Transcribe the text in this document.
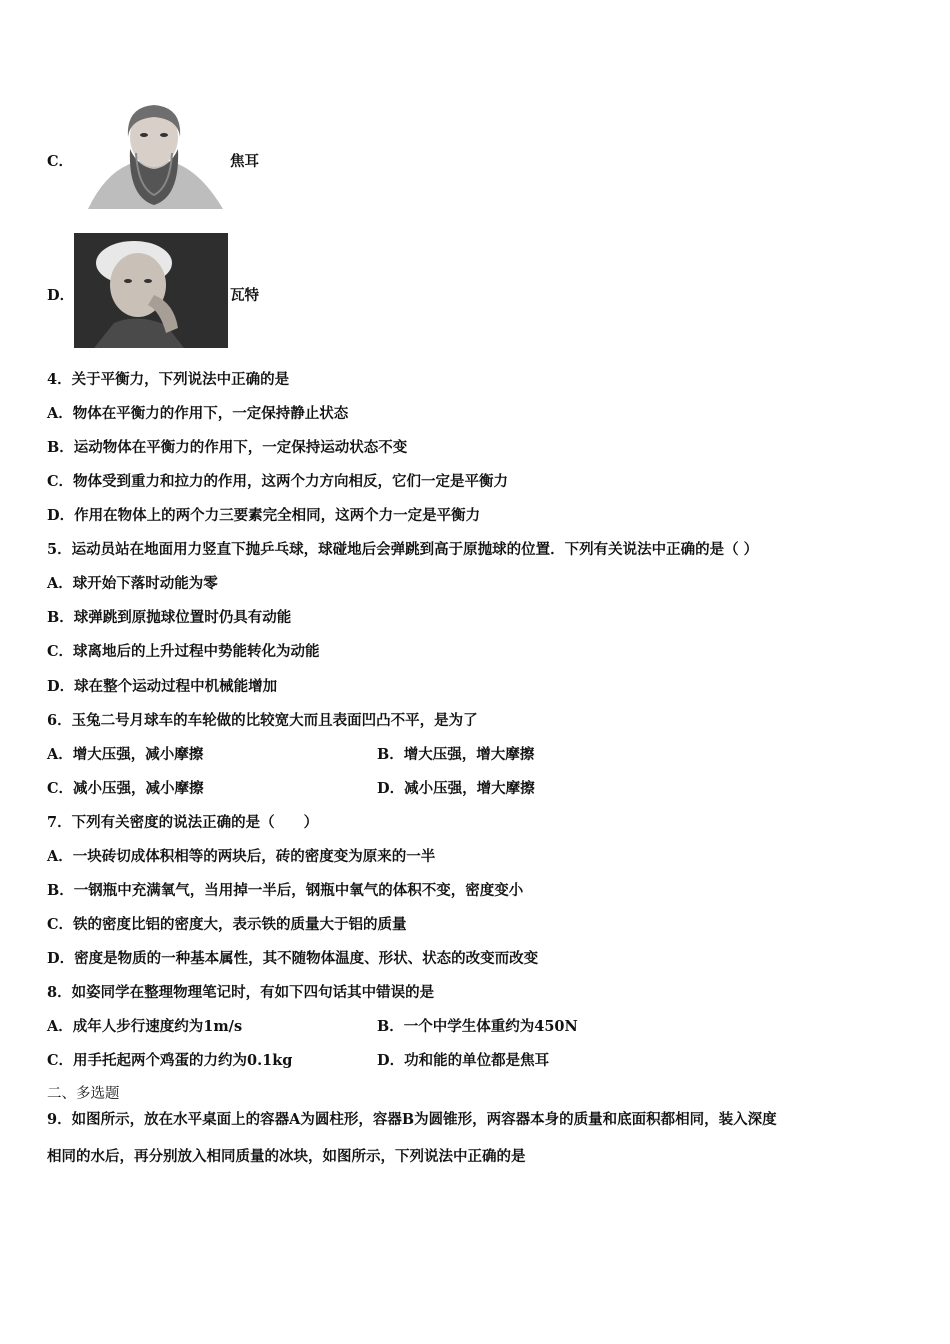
C．	焦耳
D．	瓦特
4．关于平衡力，下列说法中正确的是
A．物体在平衡力的作用下，一定保持静止状态
B．运动物体在平衡力的作用下，一定保持运动状态不变
C．物体受到重力和拉力的作用，这两个力方向相反，它们一定是平衡力
D．作用在物体上的两个力三要素完全相同，这两个力一定是平衡力
5．运动员站在地面用力竖直下抛乒乓球，球碰地后会弹跳到高于原抛球的位置．下列有关说法中正确的是（ ）
A．球开始下落时动能为零
B．球弹跳到原抛球位置时仍具有动能
C．球离地后的上升过程中势能转化为动能
D．球在整个运动过程中机械能增加
6．玉兔二号月球车的车轮做的比较宽大而且表面凹凸不平，是为了
A．增大压强，减小摩擦	B．增大压强，增大摩擦
C．减小压强，减小摩擦	D．减小压强，增大摩擦
7．下列有关密度的说法正确的是（　　）
A．一块砖切成体积相等的两块后，砖的密度变为原来的一半
B．一钢瓶中充满氧气，当用掉一半后，钢瓶中氧气的体积不变，密度变小
C．铁的密度比铝的密度大，表示铁的质量大于铝的质量
D．密度是物质的一种基本属性，其不随物体温度、形状、状态的改变而改变
8．如姿同学在整理物理笔记时，有如下四句话其中错误的是
A．成年人步行速度约为1m/s	B．一个中学生体重约为450N
C．用手托起两个鸡蛋的力约为0.1kg	D．功和能的单位都是焦耳
二、多选题
9．如图所示，放在水平桌面上的容器A为圆柱形，容器B为圆锥形，两容器本身的质量和底面积都相同，装入深度
相同的水后，再分别放入相同质量的冰块，如图所示，下列说法中正确的是
